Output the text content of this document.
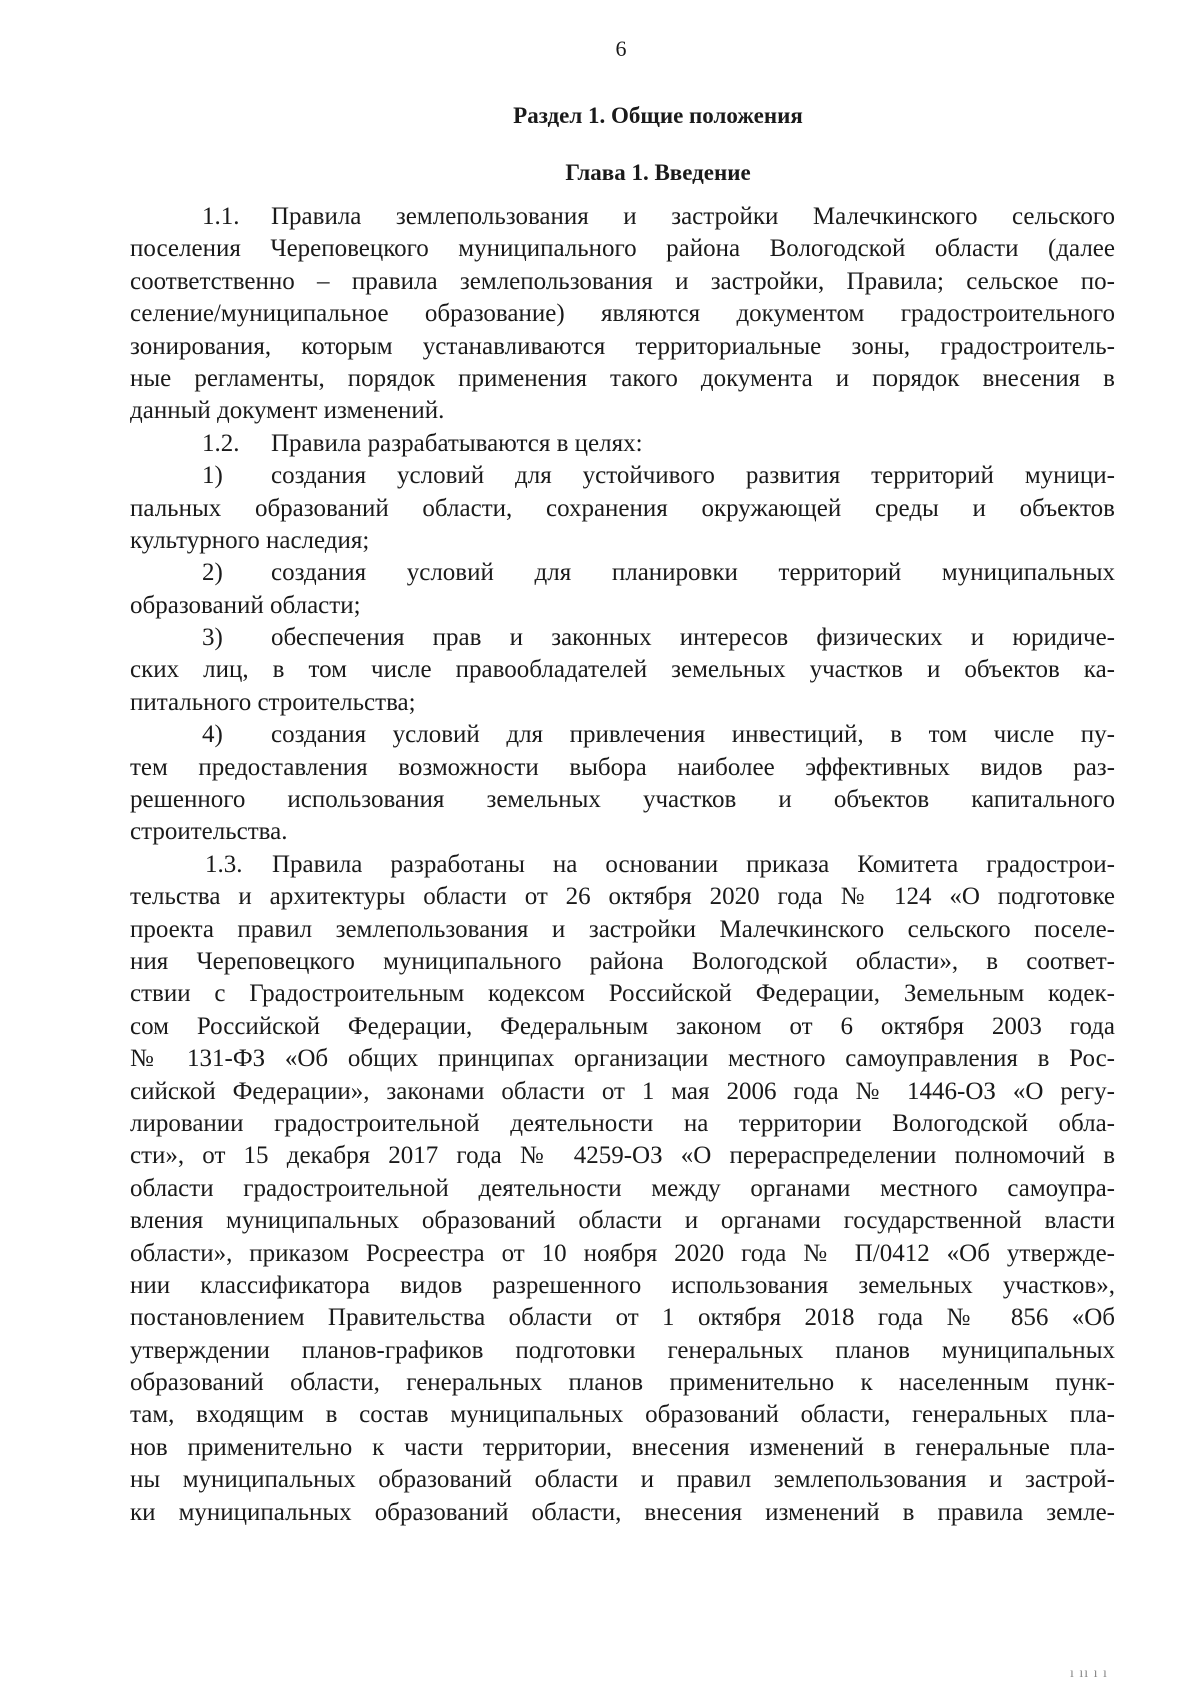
6
Раздел 1. Общие положения
Глава 1. Введение
1.1. Правила землепользования и застройки Малечкинского сельского
поселения Череповецкого муниципального района Вологодской области (далее
соответственно – правила землепользования и застройки, Правила; сельское по-
селение/муниципальное образование) являются документом градостроительного
зонирования, которым устанавливаются территориальные зоны, градостроитель-
ные регламенты, порядок применения такого документа и порядок внесения в
данный документ изменений.
1.2. Правила разрабатываются в целях:
1) создания условий для устойчивого развития территорий муници-
пальных образований области, сохранения окружающей среды и объектов
культурного наследия;
2) создания условий для планировки территорий муниципальных
образований области;
3) обеспечения прав и законных интересов физических и юридиче-
ских лиц, в том числе правообладателей земельных участков и объектов ка-
питального строительства;
4) создания условий для привлечения инвестиций, в том числе пу-
тем предоставления возможности выбора наиболее эффективных видов раз-
решенного использования земельных участков и объектов капитального
строительства.
1.3. Правила разработаны на основании приказа Комитета градострои-
тельства и архитектуры области от 26 октября 2020 года № 124 «О подготовке
проекта правил землепользования и застройки Малечкинского сельского поселе-
ния Череповецкого муниципального района Вологодской области», в соответ-
ствии с Градостроительным кодексом Российской Федерации, Земельным кодек-
сом Российской Федерации, Федеральным законом от 6 октября 2003 года
№ 131-ФЗ «Об общих принципах организации местного самоуправления в Рос-
сийской Федерации», законами области от 1 мая 2006 года № 1446-ОЗ «О регу-
лировании градостроительной деятельности на территории Вологодской обла-
сти», от 15 декабря 2017 года № 4259-ОЗ «О перераспределении полномочий в
области градостроительной деятельности между органами местного самоупра-
вления муниципальных образований области и органами государственной власти
области», приказом Росреестра от 10 ноября 2020 года № П/0412 «Об утвержде-
нии классификатора видов разрешенного использования земельных участков»,
постановлением Правительства области от 1 октября 2018 года № 856 «Об
утверждении планов-графиков подготовки генеральных планов муниципальных
образований области, генеральных планов применительно к населенным пунк-
там, входящим в состав муниципальных образований области, генеральных пла-
нов применительно к части территории, внесения изменений в генеральные пла-
ны муниципальных образований области и правил землепользования и застрой-
ки муниципальных образований области, внесения изменений в правила земле-
ı ıı ı ı
